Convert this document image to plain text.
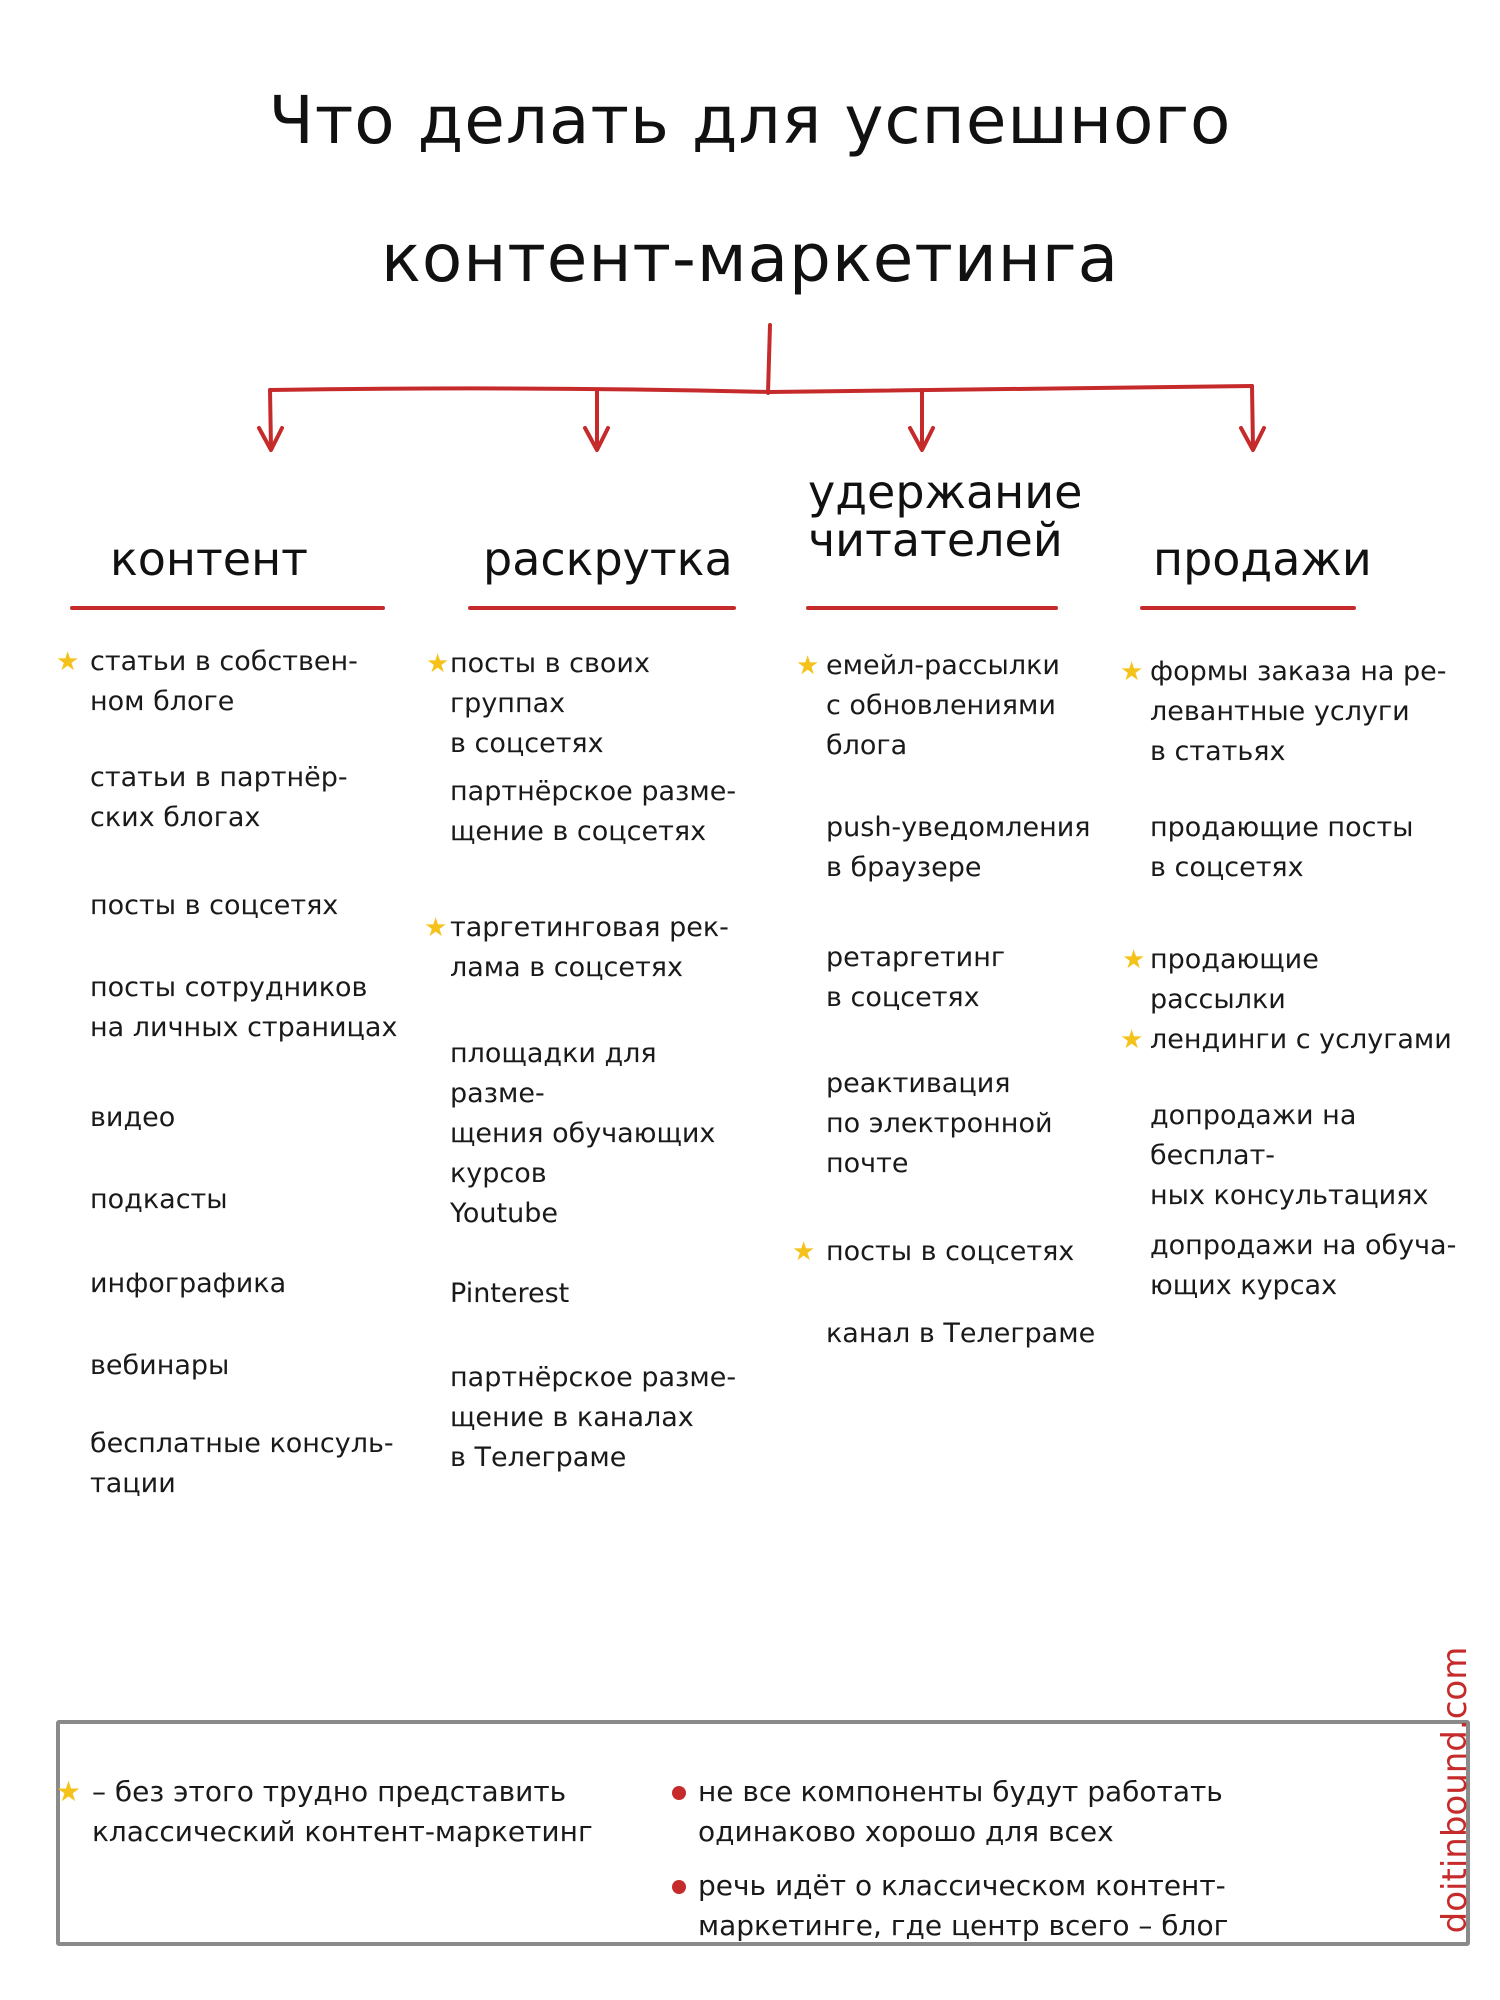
Что делать для успешного
контент-маркетинга
контент	раскрутка
удержание
читателей	продажи
★ статьи в собствен-
ном блоге
статьи в партнёр-
ских блогах
посты в соцсетях
посты сотрудников
на личных страницах
видео
подкасты
инфографика
вебинары
бесплатные консуль-
тации
★ посты в своих группах
в соцсетях
партнёрское разме-
щение в соцсетях
★ таргетинговая рек-
лама в соцсетях
площадки для разме-
щения обучающих
курсов
Youtube
Pinterest
партнёрское разме-
щение в каналах
в Телеграме
★ емейл-рассылки
с обновлениями
блога
push-уведомления
в браузере
ретаргетинг
в соцсетях
реактивация
по электронной
почте
★ посты в соцсетях
канал в Телеграме
★ формы заказа на ре-
левантные услуги
в статьях
продающие посты
в соцсетях
★ продающие рассылки
★ лендинги с услугами
допродажи на бесплат-
ных консультациях
допродажи на обуча-
ющих курсах
★ – без этого трудно представить
классический контент-маркетинг
не все компоненты будут работать
одинаково хорошо для всех
речь идёт о классическом контент-
маркетинге, где центр всего – блог	doitinbound.com
